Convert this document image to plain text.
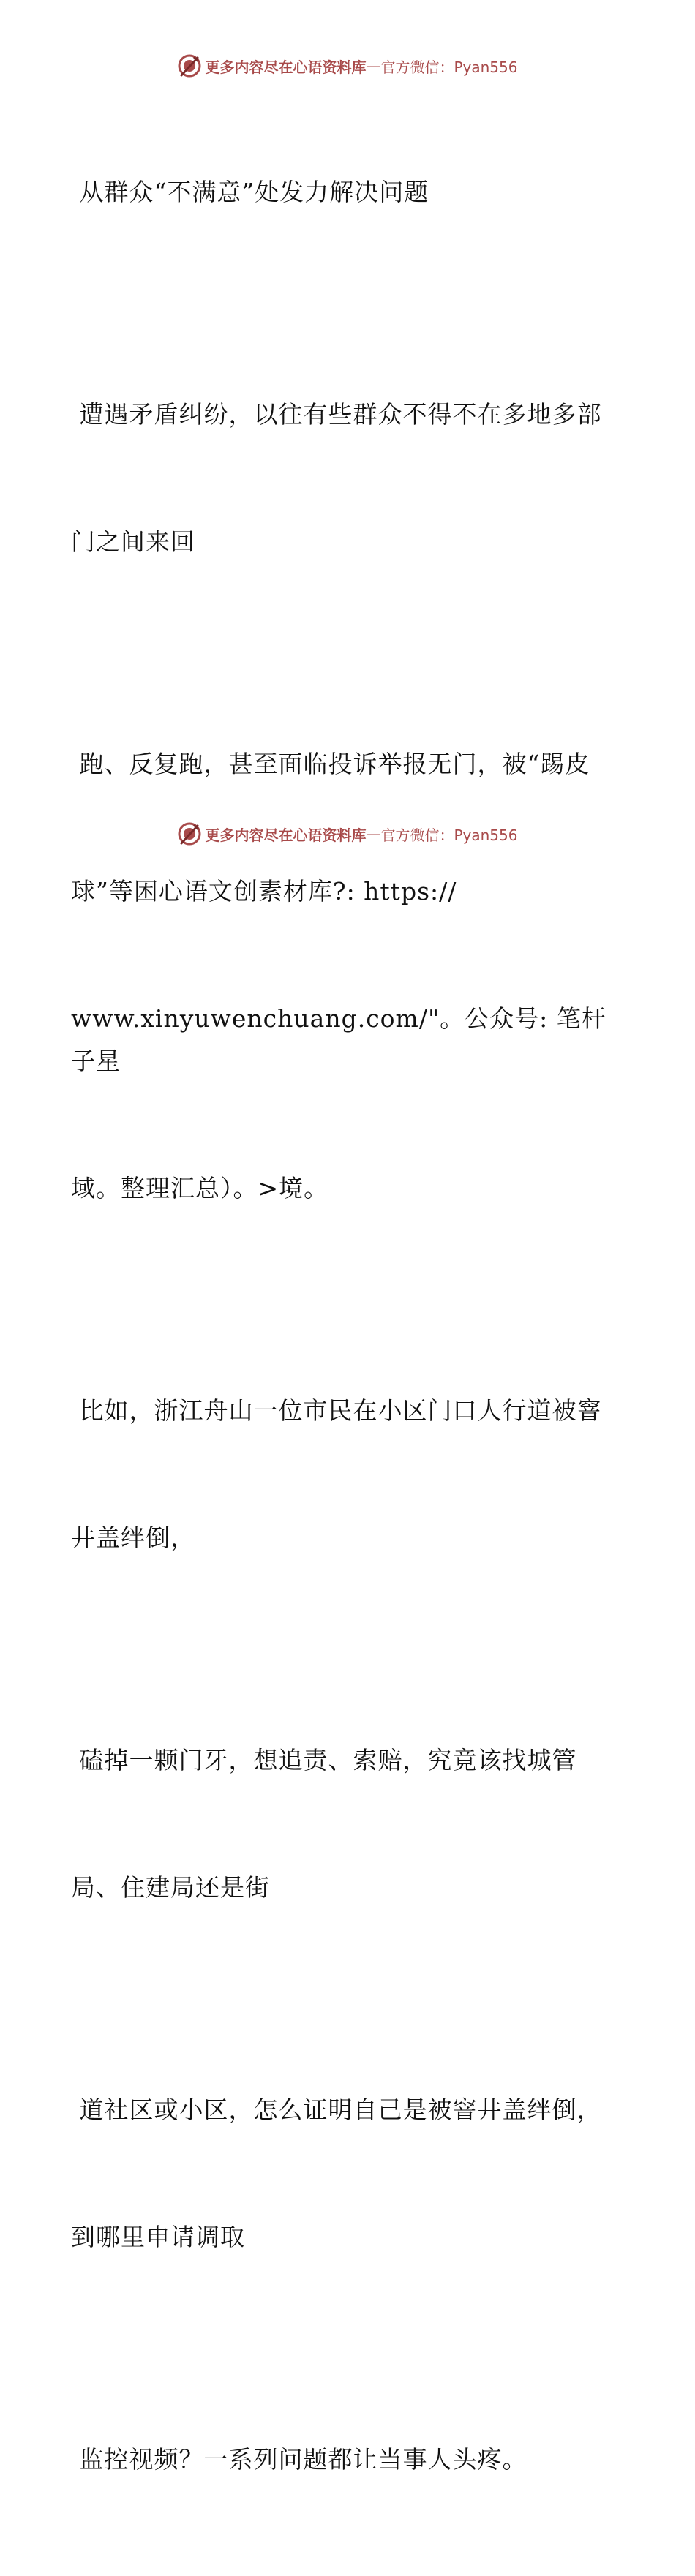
更多内容尽在心语资料库 — 官方微信：Pyan556

从群众“不满意”处发力解决问题

遭遇矛盾纠纷，以往有些群众不得不在多地多部

门之间来回

跑、反复跑，甚至面临投诉举报无门，被“踢皮

球”等困心语文创素材库?: https://

www.xinyuwenchuang.com/"。公众号: 笔杆子星

域。整理汇总）。>境。

比如，浙江舟山一位市民在小区门口人行道被窨

井盖绊倒，

磕掉一颗门牙，想追责、索赔，究竟该找城管

局、住建局还是街

道社区或小区，怎么证明自己是被窨井盖绊倒，

到哪里申请调取

监控视频？一系列问题都让当事人头疼。

更多内容尽在心语资料库 — 官方微信：Pyan556
